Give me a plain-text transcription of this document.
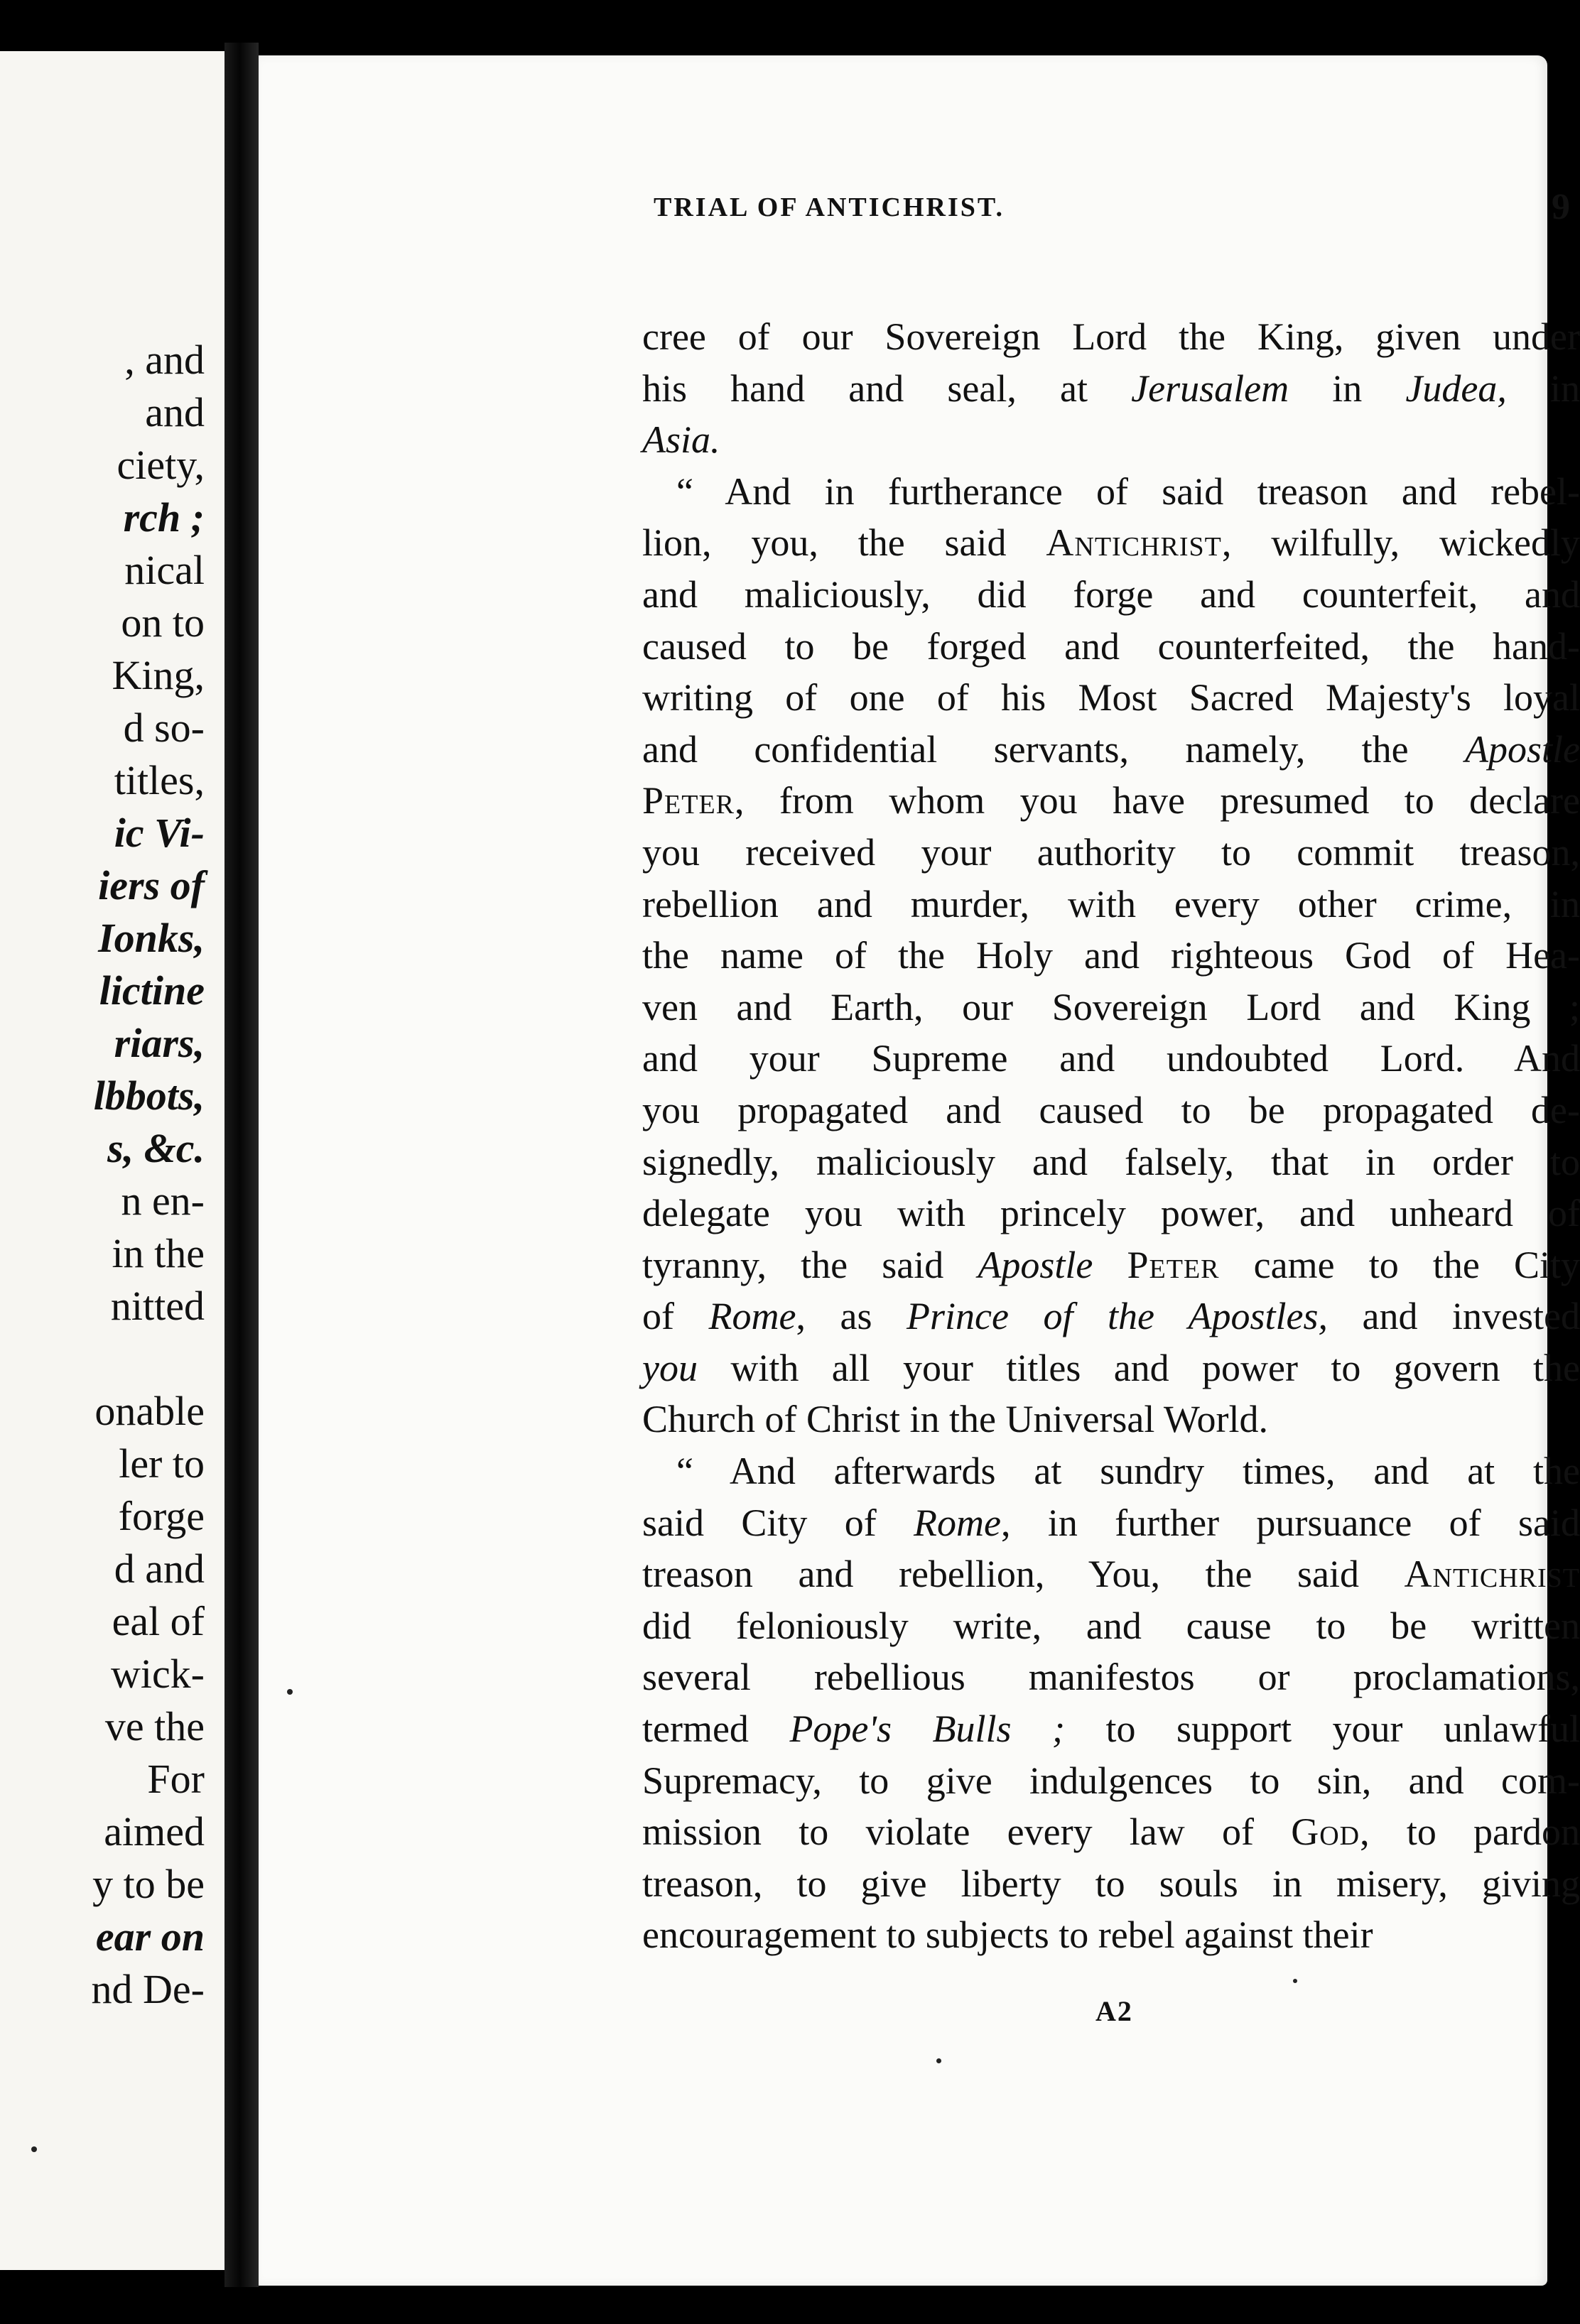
, and
and
ciety,
rch ;
nical
on to
King,
d so-
titles,
ic Vi-
iers of
Ionks,
lictine
riars,
lbbots,
s, &c.
n en-
in the
nitted

onable
ler to
forge
d and
eal of
wick-
ve the
For
aimed
y to be
ear on
nd De-
TRIAL OF ANTICHRIST.	9
cree of our Sovereign Lord the King, given under
his hand and seal, at Jerusalem in Judea, in
Asia.
“ And in furtherance of said treason and rebel-
lion, you, the said Antichrist, wilfully, wickedly
and maliciously, did forge and counterfeit, and
caused to be forged and counterfeited, the hand-
writing of one of his Most Sacred Majesty's loyal
and confidential servants, namely, the Apostle
Peter, from whom you have presumed to declare
you received your authority to commit treason,
rebellion and murder, with every other crime, in
the name of the Holy and righteous God of Hea-
ven and Earth, our Sovereign Lord and King ;
and your Supreme and undoubted Lord. And
you propagated and caused to be propagated de-
signedly, maliciously and falsely, that in order to
delegate you with princely power, and unheard of
tyranny, the said Apostle Peter came to the City
of Rome, as Prince of the Apostles, and invested
you with all your titles and power to govern the
Church of Christ in the Universal World.
“ And afterwards at sundry times, and at the
said City of Rome, in further pursuance of said
treason and rebellion, You, the said Antichrist
did feloniously write, and cause to be written
several rebellious manifestos or proclamations,
termed Pope's Bulls ; to support your unlawful
Supremacy, to give indulgences to sin, and com-
mission to violate every law of God, to pardon
treason, to give liberty to souls in misery, giving
encouragement to subjects to rebel against their
A2
